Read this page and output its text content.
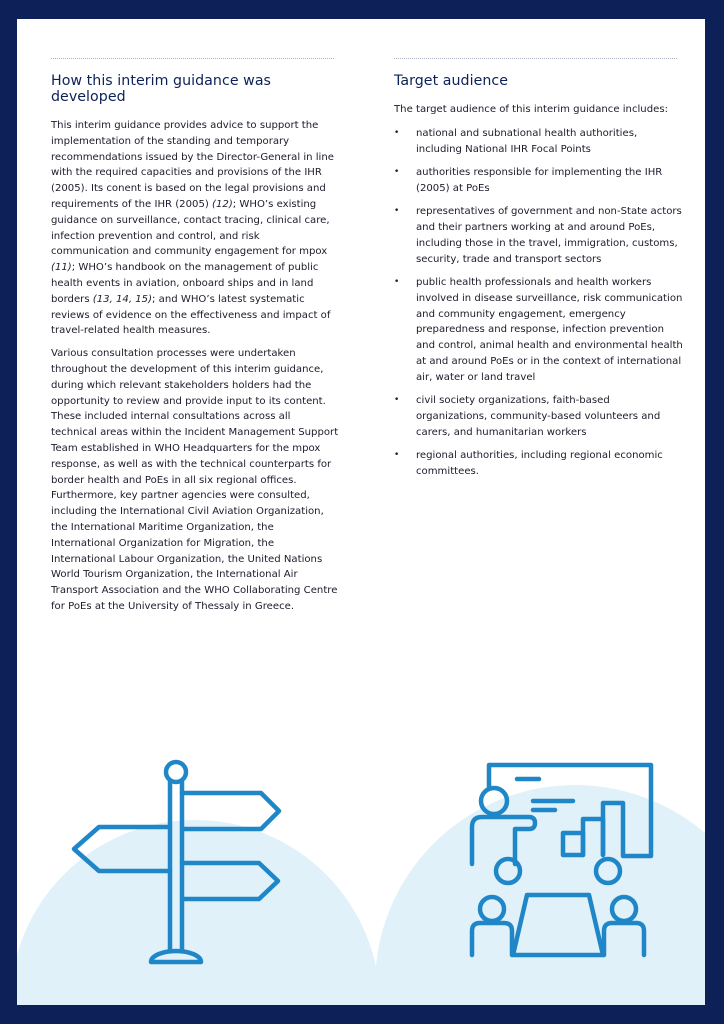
How this interim guidance was developed

This interim guidance provides advice to support the implementation of the standing and temporary recommendations issued by the Director-General in line with the required capacities and provisions of the IHR (2005). Its conent is based on the legal provisions and requirements of the IHR (2005) (12); WHO’s existing guidance on surveillance, contact tracing, clinical care, infection prevention and control, and risk communication and community engagement for mpox (11); WHO’s handbook on the management of public health events in aviation, onboard ships and in land borders (13, 14, 15); and WHO’s latest systematic reviews of evidence on the effectiveness and impact of travel-related health measures.

Various consultation processes were undertaken throughout the development of this interim guidance, during which relevant stakeholders holders had the opportunity to review and provide input to its content. These included internal consultations across all technical areas within the Incident Management Support Team established in WHO Headquarters for the mpox response, as well as with the technical counterparts for border health and PoEs in all six regional offices. Furthermore, key partner agencies were consulted, including the International Civil Aviation Organization, the International Maritime Organization, the International Organization for Migration, the International Labour Organization, the United Nations World Tourism Organization, the International Air Transport Association and the WHO Collaborating Centre for PoEs at the University of Thessaly in Greece.

Target audience

The target audience of this interim guidance includes:

• national and subnational health authorities, including National IHR Focal Points
• authorities responsible for implementing the IHR (2005) at PoEs
• representatives of government and non-State actors and their partners working at and around PoEs, including those in the travel, immigration, customs, security, trade and transport sectors
• public health professionals and health workers involved in disease surveillance, risk communication and community engagement, emergency preparedness and response, infection prevention and control, animal health and environmental health at and around PoEs or in the context of international air, water or land travel
• civil society organizations, faith-based organizations, community-based volunteers and carers, and humanitarian workers
• regional authorities, including regional economic committees.
